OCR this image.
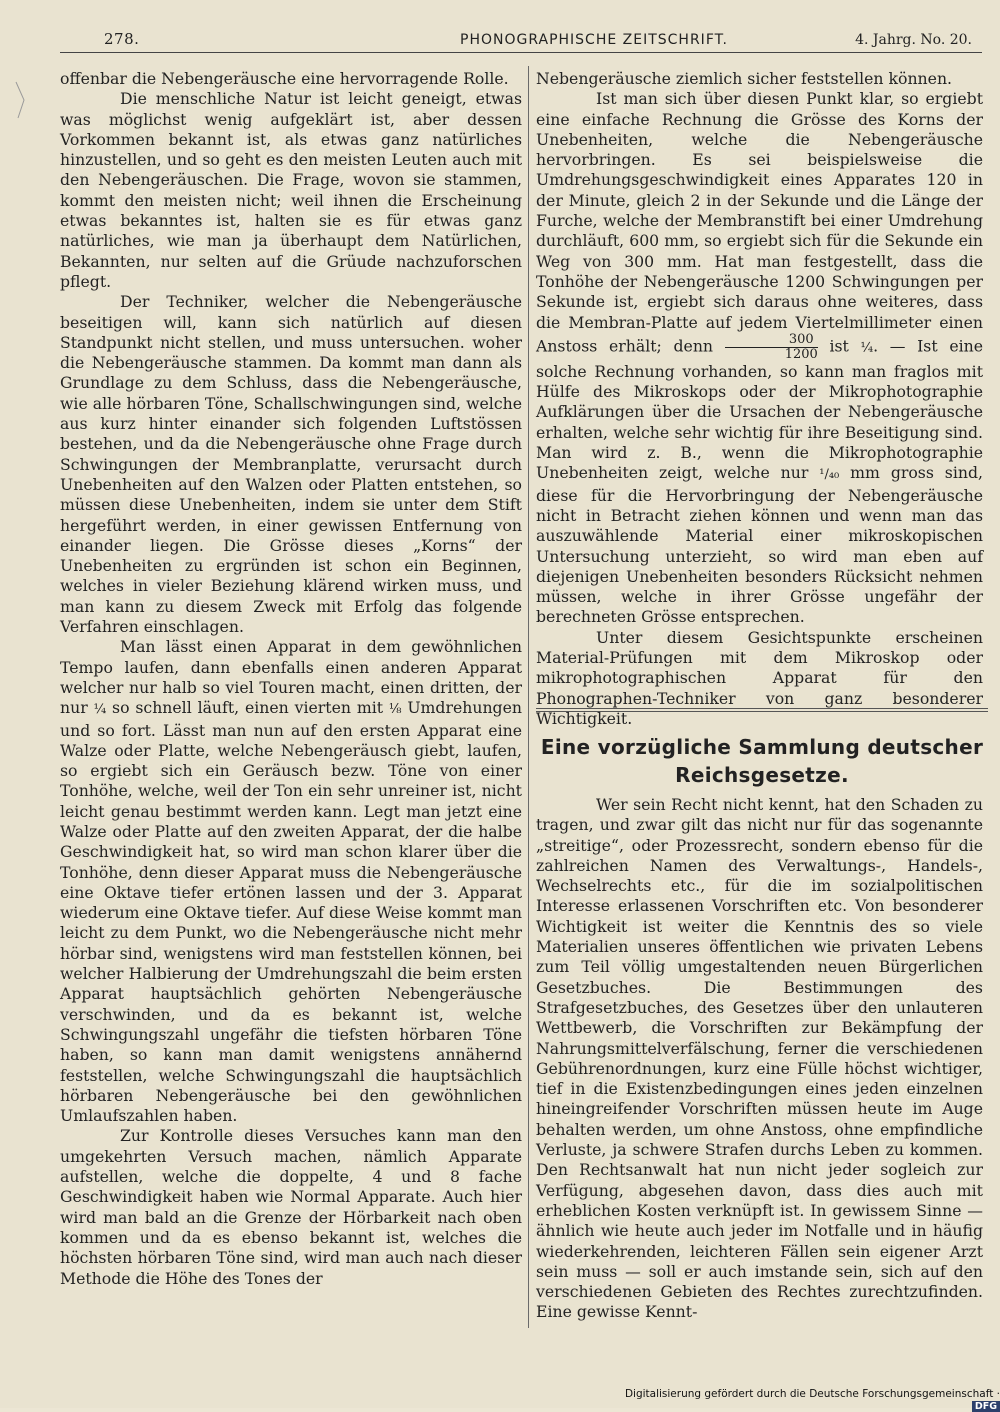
278.	PHONOGRAPHISCHE ZEITSCHRIFT.	4. Jahrg. No. 20.

offenbar die Nebengeräusche eine hervorragende Rolle.

Die menschliche Natur ist leicht geneigt, etwas was möglichst wenig aufgeklärt ist, aber dessen Vorkommen bekannt ist, als etwas ganz natürliches hinzustellen, und so geht es den meisten Leuten auch mit den Nebengeräuschen. Die Frage, wovon sie stammen, kommt den meisten nicht; weil ihnen die Erscheinung etwas bekanntes ist, halten sie es für etwas ganz natürliches, wie man ja überhaupt dem Natürlichen, Bekannten, nur selten auf die Grüude nachzuforschen pflegt.

Der Techniker, welcher die Nebengeräusche beseitigen will, kann sich natürlich auf diesen Standpunkt nicht stellen, und muss untersuchen. woher die Nebengeräusche stammen. Da kommt man dann als Grundlage zu dem Schluss, dass die Nebengeräusche, wie alle hörbaren Töne, Schallschwingungen sind, welche aus kurz hinter einander sich folgenden Luftstössen bestehen, und da die Nebengeräusche ohne Frage durch Schwingungen der Membranplatte, verursacht durch Unebenheiten auf den Walzen oder Platten entstehen, so müssen diese Unebenheiten, indem sie unter dem Stift hergeführt werden, in einer gewissen Entfernung von einander liegen. Die Grösse dieses „Korns“ der Unebenheiten zu ergründen ist schon ein Beginnen, welches in vieler Beziehung klärend wirken muss, und man kann zu diesem Zweck mit Erfolg das folgende Verfahren einschlagen.

Man lässt einen Apparat in dem gewöhnlichen Tempo laufen, dann ebenfalls einen anderen Apparat welcher nur halb so viel Touren macht, einen dritten, der nur ¼ so schnell läuft, einen vierten mit ⅛ Umdrehungen und so fort. Lässt man nun auf den ersten Apparat eine Walze oder Platte, welche Nebengeräusch giebt, laufen, so ergiebt sich ein Geräusch bezw. Töne von einer Tonhöhe, welche, weil der Ton ein sehr unreiner ist, nicht leicht genau bestimmt werden kann. Legt man jetzt eine Walze oder Platte auf den zweiten Apparat, der die halbe Geschwindigkeit hat, so wird man schon klarer über die Tonhöhe, denn dieser Apparat muss die Nebengeräusche eine Oktave tiefer ertönen lassen und der 3. Apparat wiederum eine Oktave tiefer. Auf diese Weise kommt man leicht zu dem Punkt, wo die Nebengeräusche nicht mehr hörbar sind, wenigstens wird man feststellen können, bei welcher Halbierung der Umdrehungszahl die beim ersten Apparat hauptsächlich gehörten Nebengeräusche verschwinden, und da es bekannt ist, welche Schwingungszahl ungefähr die tiefsten hörbaren Töne haben, so kann man damit wenigstens annähernd feststellen, welche Schwingungszahl die hauptsächlich hörbaren Nebengeräusche bei den gewöhnlichen Umlaufszahlen haben.

Zur Kontrolle dieses Versuches kann man den umgekehrten Versuch machen, nämlich Apparate aufstellen, welche die doppelte, 4 und 8 fache Geschwindigkeit haben wie Normal Apparate. Auch hier wird man bald an die Grenze der Hörbarkeit nach oben kommen und da es ebenso bekannt ist, welches die höchsten hörbaren Töne sind, wird man auch nach dieser Methode die Höhe des Tones der

Nebengeräusche ziemlich sicher feststellen können.

Ist man sich über diesen Punkt klar, so ergiebt eine einfache Rechnung die Grösse des Korns der Unebenheiten, welche die Nebengeräusche hervorbringen. Es sei beispielsweise die Umdrehungsgeschwindigkeit eines Apparates 120 in der Minute, gleich 2 in der Sekunde und die Länge der Furche, welche der Membranstift bei einer Umdrehung durchläuft, 600 mm, so ergiebt sich für die Sekunde ein Weg von 300 mm. Hat man festgestellt, dass die Tonhöhe der Nebengeräusche 1200 Schwingungen per Sekunde ist, ergiebt sich daraus ohne weiteres, dass die Membran-Platte auf jedem Viertelmillimeter einen Anstoss erhält; denn $\frac{300}{1200}$ ist ¼. — Ist eine solche Rechnung vorhanden, so kann man fraglos mit Hülfe des Mikroskops oder der Mikrophotographie Aufklärungen über die Ursachen der Nebengeräusche erhalten, welche sehr wichtig für ihre Beseitigung sind. Man wird z. B., wenn die Mikrophotographie Unebenheiten zeigt, welche nur ¹/₄₀ mm gross sind, diese für die Hervorbringung der Nebengeräusche nicht in Betracht ziehen können und wenn man das auszuwählende Material einer mikroskopischen Untersuchung unterzieht, so wird man eben auf diejenigen Unebenheiten besonders Rücksicht nehmen müssen, welche in ihrer Grösse ungefähr der berechneten Grösse entsprechen.

Unter diesem Gesichtspunkte erscheinen Material-Prüfungen mit dem Mikroskop oder mikrophotographischen Apparat für den Phonographen-Techniker von ganz besonderer Wichtigkeit.

Eine vorzügliche Sammlung deutscher Reichsgesetze.

Wer sein Recht nicht kennt, hat den Schaden zu tragen, und zwar gilt das nicht nur für das sogenannte „streitige“, oder Prozessrecht, sondern ebenso für die zahlreichen Namen des Verwaltungs-, Handels-, Wechselrechts etc., für die im sozialpolitischen Interesse erlassenen Vorschriften etc. Von besonderer Wichtigkeit ist weiter die Kenntnis des so viele Materialien unseres öffentlichen wie privaten Lebens zum Teil völlig umgestaltenden neuen Bürgerlichen Gesetzbuches. Die Bestimmungen des Strafgesetzbuches, des Gesetzes über den unlauteren Wettbewerb, die Vorschriften zur Bekämpfung der Nahrungsmittelverfälschung, ferner die verschiedenen Gebührenordnungen, kurz eine Fülle höchst wichtiger, tief in die Existenzbedingungen eines jeden einzelnen hineingreifender Vorschriften müssen heute im Auge behalten werden, um ohne Anstoss, ohne empfindliche Verluste, ja schwere Strafen durchs Leben zu kommen. Den Rechtsanwalt hat nun nicht jeder sogleich zur Verfügung, abgesehen davon, dass dies auch mit erheblichen Kosten verknüpft ist. In gewissem Sinne — ähnlich wie heute auch jeder im Notfalle und in häufig wiederkehrenden, leichteren Fällen sein eigener Arzt sein muss — soll er auch imstande sein, sich auf den verschiedenen Gebieten des Rechtes zurechtzufinden. Eine gewisse Kennt-

Digitalisierung gefördert durch die Deutsche Forschungsgemeinschaft ·DFG
